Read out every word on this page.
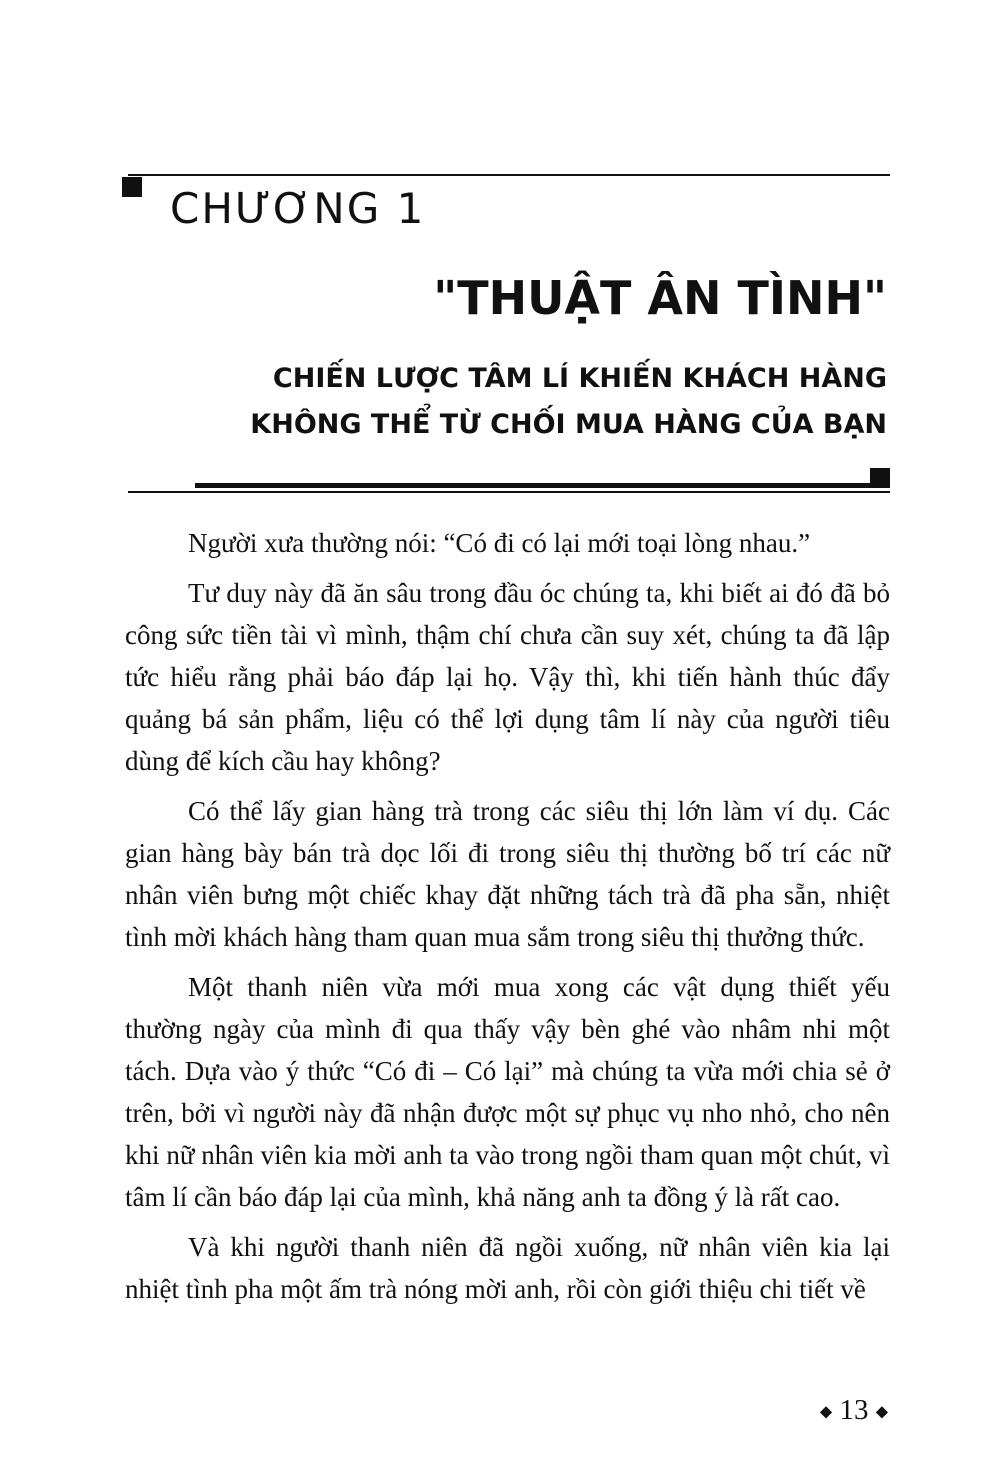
CHƯƠNG 1
"THUẬT ÂN TÌNH"
CHIẾN LƯỢC TÂM LÍ KHIẾN KHÁCH HÀNG
KHÔNG THỂ TỪ CHỐI MUA HÀNG CỦA BẠN

Người xưa thường nói: “Có đi có lại mới toại lòng nhau.”

Tư duy này đã ăn sâu trong đầu óc chúng ta, khi biết ai đó đã bỏ công sức tiền tài vì mình, thậm chí chưa cần suy xét, chúng ta đã lập tức hiểu rằng phải báo đáp lại họ. Vậy thì, khi tiến hành thúc đẩy quảng bá sản phẩm, liệu có thể lợi dụng tâm lí này của người tiêu dùng để kích cầu hay không?

Có thể lấy gian hàng trà trong các siêu thị lớn làm ví dụ. Các gian hàng bày bán trà dọc lối đi trong siêu thị thường bố trí các nữ nhân viên bưng một chiếc khay đặt những tách trà đã pha sẵn, nhiệt tình mời khách hàng tham quan mua sắm trong siêu thị thưởng thức.

Một thanh niên vừa mới mua xong các vật dụng thiết yếu thường ngày của mình đi qua thấy vậy bèn ghé vào nhâm nhi một tách. Dựa vào ý thức “Có đi – Có lại” mà chúng ta vừa mới chia sẻ ở trên, bởi vì người này đã nhận được một sự phục vụ nho nhỏ, cho nên khi nữ nhân viên kia mời anh ta vào trong ngồi tham quan một chút, vì tâm lí cần báo đáp lại của mình, khả năng anh ta đồng ý là rất cao.

Và khi người thanh niên đã ngồi xuống, nữ nhân viên kia lại nhiệt tình pha một ấm trà nóng mời anh, rồi còn giới thiệu chi tiết về

◆ 13 ◆
